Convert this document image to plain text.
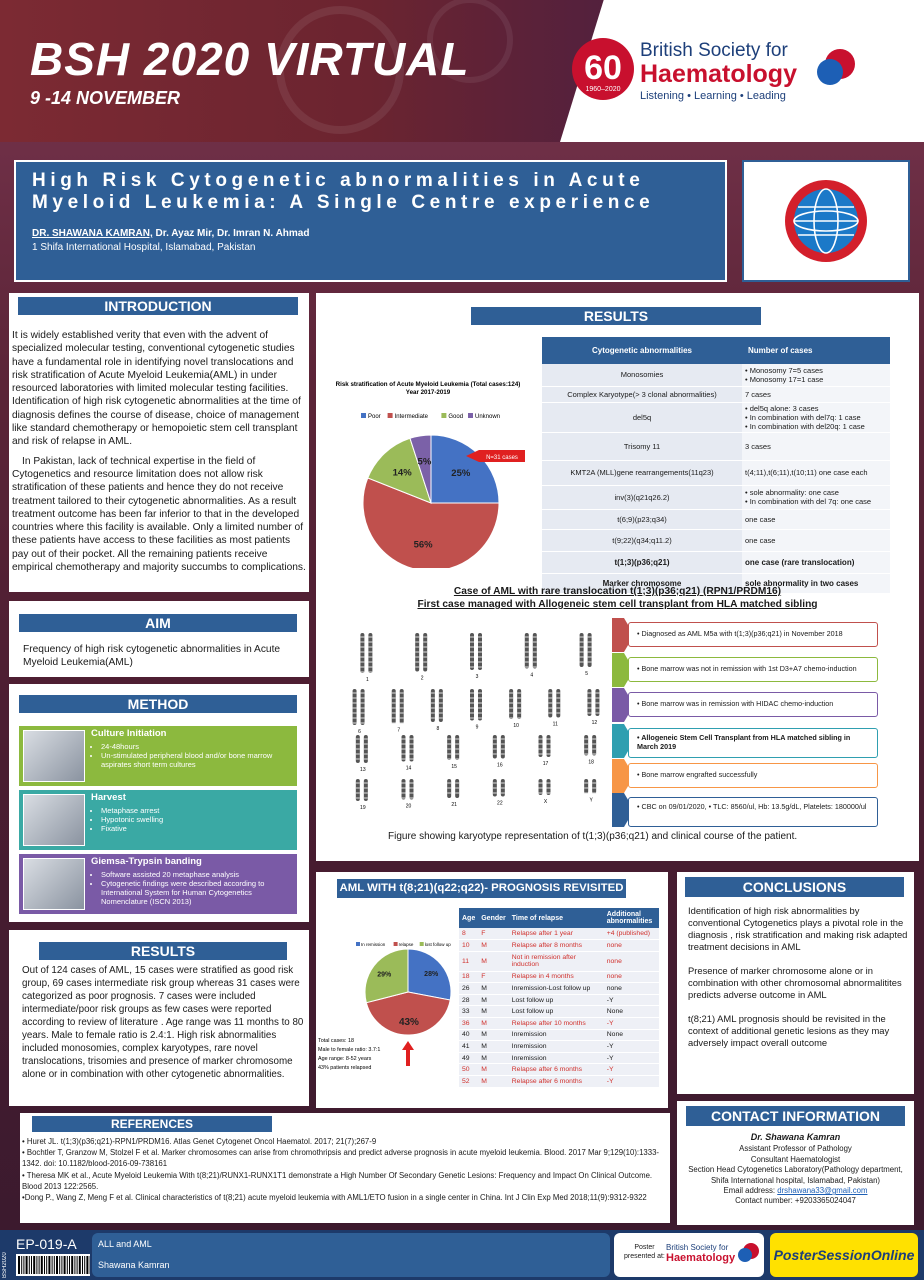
BSH 2020 VIRTUAL
9 -14 NOVEMBER
60
1960–2020
British Society for
Haematology
Listening • Learning • Leading
High Risk Cytogenetic abnormalities in Acute
Myeloid Leukemia: A Single Centre experience
DR. SHAWANA KAMRAN, Dr. Ayaz Mir, Dr. Imran N. Ahmad
1 Shifa International Hospital, Islamabad, Pakistan
INTRODUCTION

It is widely established verity that even with the advent of specialized molecular testing, conventional cytogenetic studies have a fundamental role in identifying novel translocations and risk stratification of Acute Myeloid Leukemia(AML) in under resourced laboratories with limited molecular testing facilities. Identification of high risk cytogenetic abnormalities at the time of diagnosis defines the course of disease, choice of management like standard chemotherapy or hemopoietic stem cell transplant and risk of relapse in AML.

In Pakistan, lack of technical expertise in the field of Cytogenetics and resource limitation does not allow risk stratification of these patients and hence they do not receive treatment tailored to their cytogenetic abnormalities. As a result treatment outcome has been far inferior to that in the developed countries where this facility is available. Only a limited number of these patients have access to these facilities as most patients pay out of their pocket. All the remaining patients receive empirical chemotherapy and majority succumbs to complications.

AIM
Frequency of high risk cytogenetic abnormalities in Acute Myeloid Leukemia(AML)
METHOD
Culture Initiation
• 24-48hours
• Un-stimulated peripheral blood and/or bone marrow aspirates short term cultures
Harvest
• Metaphase arrest
• Hypotonic swelling
• Fixative
Giemsa-Trypsin banding
• Software assisted 20 metaphase analysis
• Cytogenetic findings were described according to International System for Human Cytogenetics Nomenclature (ISCN 2013)
RESULTS
Out of 124 cases of AML, 15 cases were stratified as good risk group, 69 cases intermediate risk group whereas 31 cases were categorized as poor prognosis. 7 cases were included intermediate/poor risk groups as few cases were reported according to review of literature . Age range was 11 months to 80 years. Male to female ratio is 2.4:1. High risk abnormalities included monosomies, complex karyotypes, rare novel translocations, trisomies and presence of marker chromosome alone or in combination with other cytogenetic abnormalities.
RESULTS
Risk stratification of Acute Myeloid Leukemia (Total cases:124) Year 2017-2019
Poor Intermediate	Good Unknown
25%
56%
14%
5%	N=31 cases
Cytogenetic abnormalities	Number of cases
Monosomies	• Monosomy 7=5 cases
• Monosomy 17=1 case

Complex Karyotype(> 3 clonal abnormalities)	7 cases

del5q	• del5q alone: 3 cases
• In combination with del7q: 1 case
• In combination with del20q: 1 case

Trisomy 11	3 cases

KMT2A (MLL)gene rearrangements(11q23)	t(4;11),t(6;11),t(10;11) one case each

inv(3)(q21q26.2)	• sole abnormality: one case
• In combination with del 7q: one case

t(6;9)(p23;q34)	one case

t(9;22)(q34;q11.2)	one case

t(1;3)(p36;q21)	one case (rare translocation)

Marker chromosome	sole abnormality in two cases
Case of AML with rare translocation t(1;3)(p36;q21) (RPN1/PRDM16)
First case managed with Allogeneic stem cell transplant from HLA matched sibling
1	2	3	4	5
6	7	8	9	10	11	12
13	14	15	16	17	18
19	20	21	22	X	Y
Figure showing karyotype representation of t(1;3)(p36;q21) and clinical course of the patient.
• Diagnosed as AML M5a with t(1;3)(p36;q21) in November 2018
• Bone marrow was not in remission with 1st D3+A7 chemo-induction
• Bone marrow was in remission with HIDAC chemo-induction
• Allogeneic Stem Cell Transplant from HLA matched sibling in March 2019
• Bone marrow engrafted successfully
• CBC on 09/01/2020, • TLC: 8560/ul, Hb: 13.5g/dL, Platelets: 180000/ul
AML WITH t(8;21)(q22;q22)- PROGNOSIS REVISITED
In remission	relapse	lost follow up
28%
43%
29%
Total cases: 18
Male to female ratio: 3.7:1
Age range: 8-52 years
43% patients relapsed
Age	Gender	Time of relapse	Additional abnormalities
8	F	Relapse after 1 year	+4 (published)
10	M	Relapse after 8 months	none
11	M	Not in remission after induction	none
18	F	Relapse in 4 months	none
26	M	Inremission-Lost follow up	none
28	M	Lost follow up	-Y
33	M	Lost follow up	None
36	M	Relapse after 10 months	-Y
40	M	Inremission	None
41	M	Inremission	-Y
49	M	Inremission	-Y
50	M	Relapse after 6 months	-Y
52	M	Relapse after 6 months	-Y
CONCLUSIONS

Identification of high risk abnormalities by conventional Cytogenetics plays a pivotal role in the diagnosis , risk stratification and making risk adapted treatment decisions in AML

Presence of marker chromosome alone or in combination with other chromosomal abnormalitites predicts adverse outcome in AML

t(8;21) AML prognosis should be revisited in the context of additional genetic lesions as they may adversely impact overall outcome

REFERENCES
• Huret JL. t(1;3)(p36;q21)-RPN1/PRDM16. Atlas Genet Cytogenet Oncol Haematol. 2017; 21(7);267-9
• Bochtler T, Granzow M, Stolzel F et al. Marker chromosomes can arise from chromothripsis and predict adverse prognosis in acute myeloid leukemia. Blood. 2017 Mar 9;129(10):1333-1342. doi: 10.1182/blood-2016-09-738161
• Theresa MK et al., Acute Myeloid Leukemia With t(8;21)/RUNX1-RUNX1T1 demonstrate a High Number Of Secondary Genetic Lesions: Frequency and Impact On Clinical Outcome. Blood 2013 122:2565.
•Dong P., Wang Z, Meng F et al. Clinical characteristics of t(8;21) acute myeloid leukemia with AML1/ETO fusion in a single center in China. Int J Clin Exp Med 2018;11(9):9312-9322
CONTACT INFORMATION
Dr. Shawana Kamran
Assistant Professor of Pathology
Consultant Haematologist
Section Head Cytogenetics Laboratory(Pathology department,
Shifa International hospital, Islamabad, Pakistan)
Email address: drshawana33@gmail.com
Contact number: +9203365024047
BSH2020
EP-019-A ALL and AML
Shawana Kamran
Poster
presented at:
British Society for
Haematology	PosterSessionOnline
